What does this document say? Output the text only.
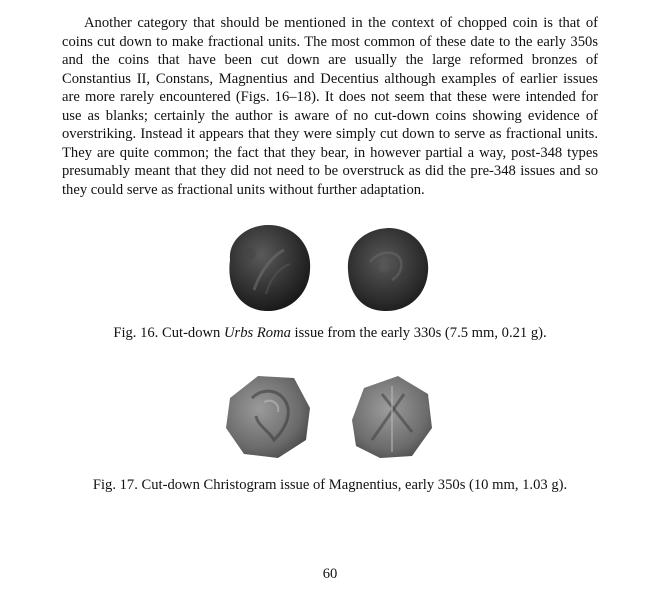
Another category that should be mentioned in the context of chopped coin is that of coins cut down to make fractional units. The most common of these date to the early 350s and the coins that have been cut down are usually the large reformed bronzes of Constantius II, Constans, Magnentius and Decentius although examples of earlier issues are more rarely encountered (Figs. 16–18). It does not seem that these were intended for use as blanks; certainly the author is aware of no cut-down coins showing evidence of overstriking. Instead it appears that they were simply cut down to serve as fractional units. They are quite common; the fact that they bear, in however partial a way, post-348 types presumably meant that they did not need to be overstruck as did the pre-348 issues and so they could serve as fractional units without further adaptation.

Fig. 16. Cut-down Urbs Roma issue from the early 330s (7.5 mm, 0.21 g).

Fig. 17. Cut-down Christogram issue of Magnentius, early 350s (10 mm, 1.03 g).

60
